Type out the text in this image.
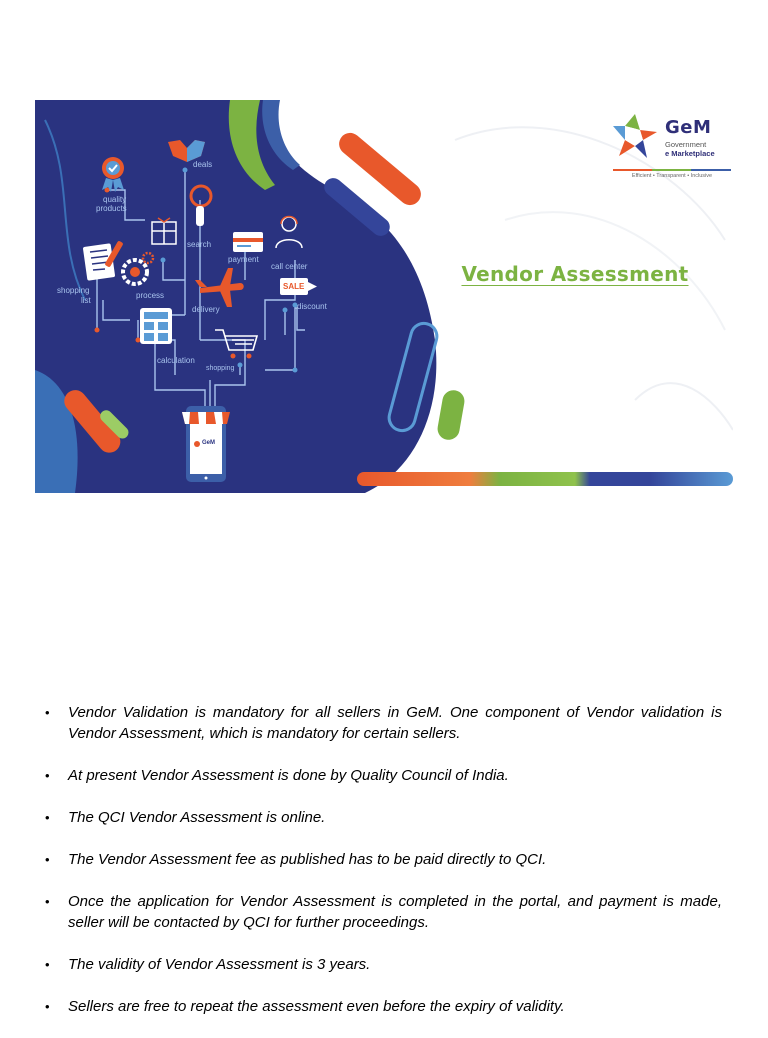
deals
quality
products
search
payment
call center
shopping
list
process
delivery
SALE
discount
calculation
shopping
GeM
GeM
Government
e Marketplace
Efficient • Transparent • Inclusive
Vendor Assessment
• Vendor Validation is mandatory for all sellers in GeM. One component of Vendor validation is Vendor Assessment, which is mandatory for certain sellers.
• At present Vendor Assessment is done by Quality Council of India.
• The QCI Vendor Assessment is online.
• The Vendor Assessment fee as published has to be paid directly to QCI.
• Once the application for Vendor Assessment is completed in the portal, and payment is made, seller will be contacted by QCI for further proceedings.
• The validity of Vendor Assessment is 3 years.
• Sellers are free to repeat the assessment even before the expiry of validity.
